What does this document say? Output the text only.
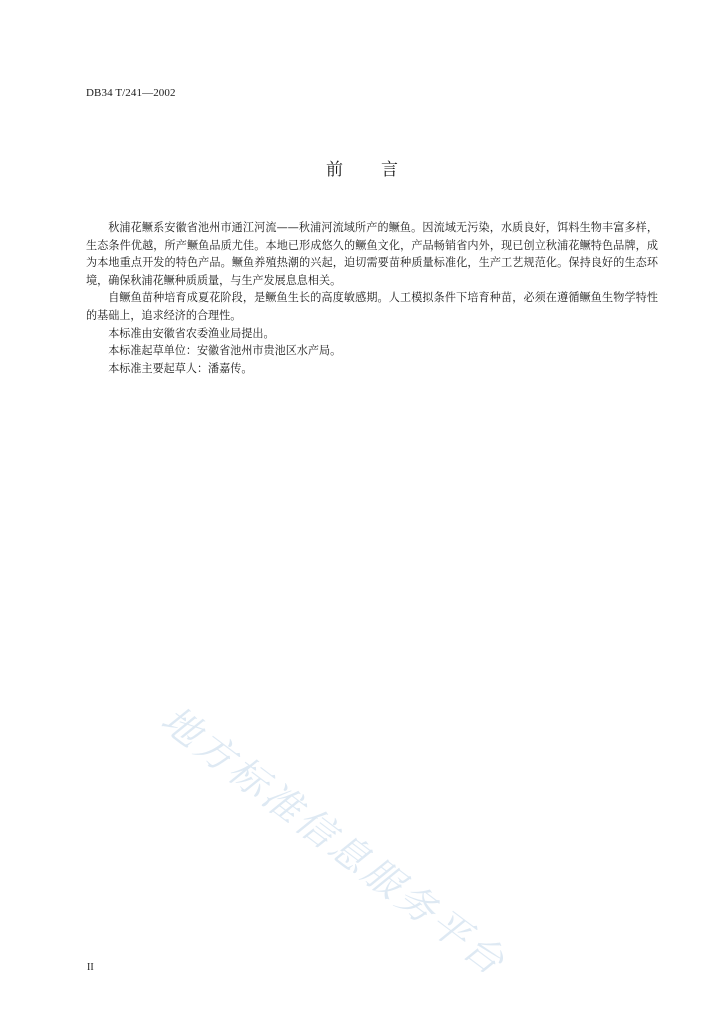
DB34 T/241—2002
前 言

秋浦花鳜系安徽省池州市通江河流——秋浦河流域所产的鳜鱼。因流域无污染，水质良好，饵料生物丰富多样，生态条件优越，所产鳜鱼品质尤佳。本地已形成悠久的鳜鱼文化，产品畅销省内外，现已创立秋浦花鳜特色品牌，成为本地重点开发的特色产品。鳜鱼养殖热潮的兴起，迫切需要苗种质量标准化，生产工艺规范化。保持良好的生态环境，确保秋浦花鳜种质质量，与生产发展息息相关。

自鳜鱼苗种培育成夏花阶段，是鳜鱼生长的高度敏感期。人工模拟条件下培育种苗，必须在遵循鳜鱼生物学特性的基础上，追求经济的合理性。

本标准由安徽省农委渔业局提出。

本标准起草单位：安徽省池州市贵池区水产局。

本标准主要起草人：潘嘉传。

地方标准信息服务平台
II
